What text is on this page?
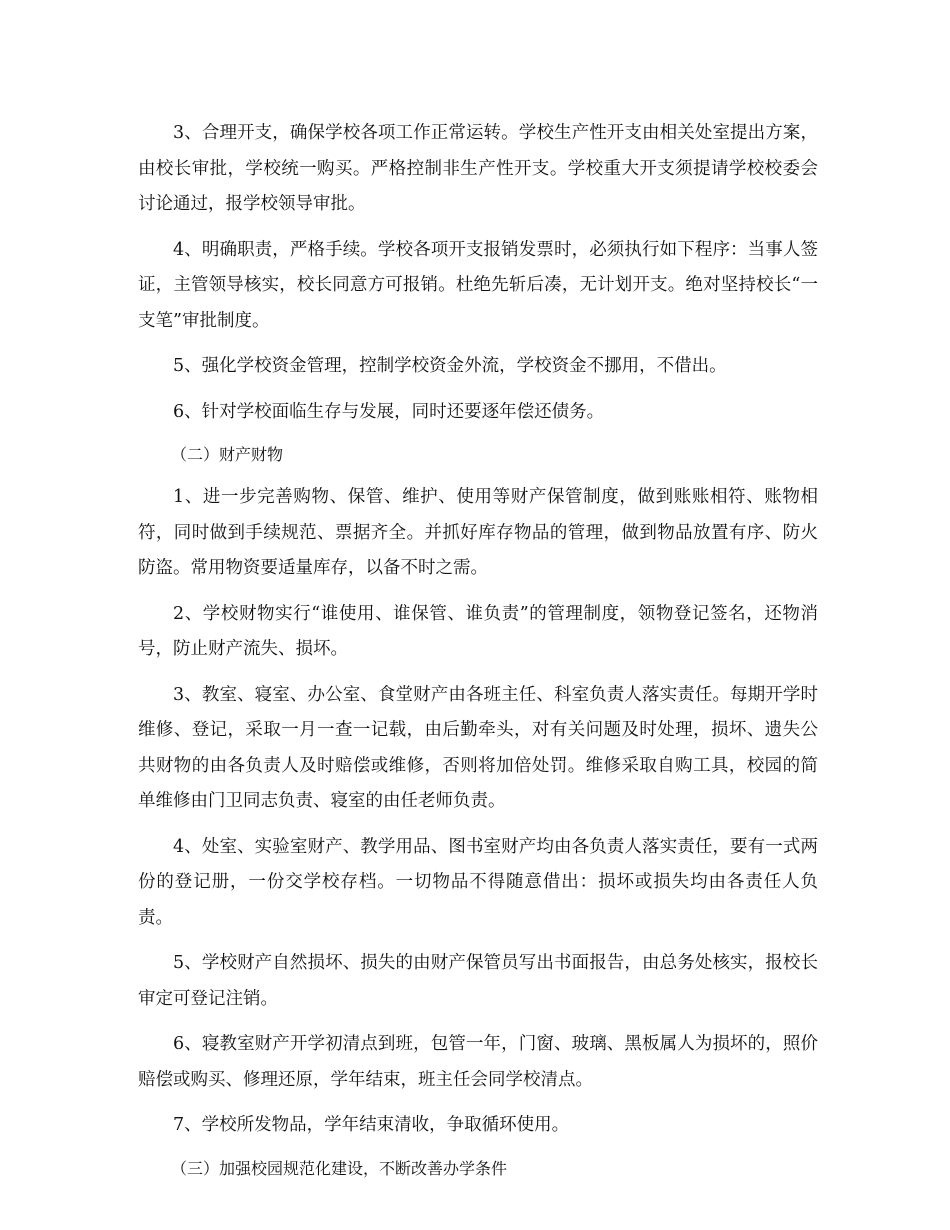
3、合理开支，确保学校各项工作正常运转。学校生产性开支由相关处室提出方案，由校长审批，学校统一购买。严格控制非生产性开支。学校重大开支须提请学校校委会讨论通过，报学校领导审批。

4、明确职责，严格手续。学校各项开支报销发票时，必须执行如下程序：当事人签证，主管领导核实，校长同意方可报销。杜绝先斩后凑，无计划开支。绝对坚持校长“一支笔”审批制度。

5、强化学校资金管理，控制学校资金外流，学校资金不挪用，不借出。

6、针对学校面临生存与发展，同时还要逐年偿还债务。

（二）财产财物

1、进一步完善购物、保管、维护、使用等财产保管制度，做到账账相符、账物相符，同时做到手续规范、票据齐全。并抓好库存物品的管理，做到物品放置有序、防火防盗。常用物资要适量库存，以备不时之需。

2、学校财物实行“谁使用、谁保管、谁负责”的管理制度，领物登记签名，还物消号，防止财产流失、损坏。

3、教室、寝室、办公室、食堂财产由各班主任、科室负责人落实责任。每期开学时维修、登记，采取一月一查一记载，由后勤牵头，对有关问题及时处理，损坏、遗失公共财物的由各负责人及时赔偿或维修，否则将加倍处罚。维修采取自购工具，校园的简单维修由门卫同志负责、寝室的由任老师负责。

4、处室、实验室财产、教学用品、图书室财产均由各负责人落实责任，要有一式两份的登记册，一份交学校存档。一切物品不得随意借出：损坏或损失均由各责任人负责。

5、学校财产自然损坏、损失的由财产保管员写出书面报告，由总务处核实，报校长审定可登记注销。

6、寝教室财产开学初清点到班，包管一年，门窗、玻璃、黑板属人为损坏的，照价赔偿或购买、修理还原，学年结束，班主任会同学校清点。

7、学校所发物品，学年结束清收，争取循环使用。

（三）加强校园规范化建设，不断改善办学条件
